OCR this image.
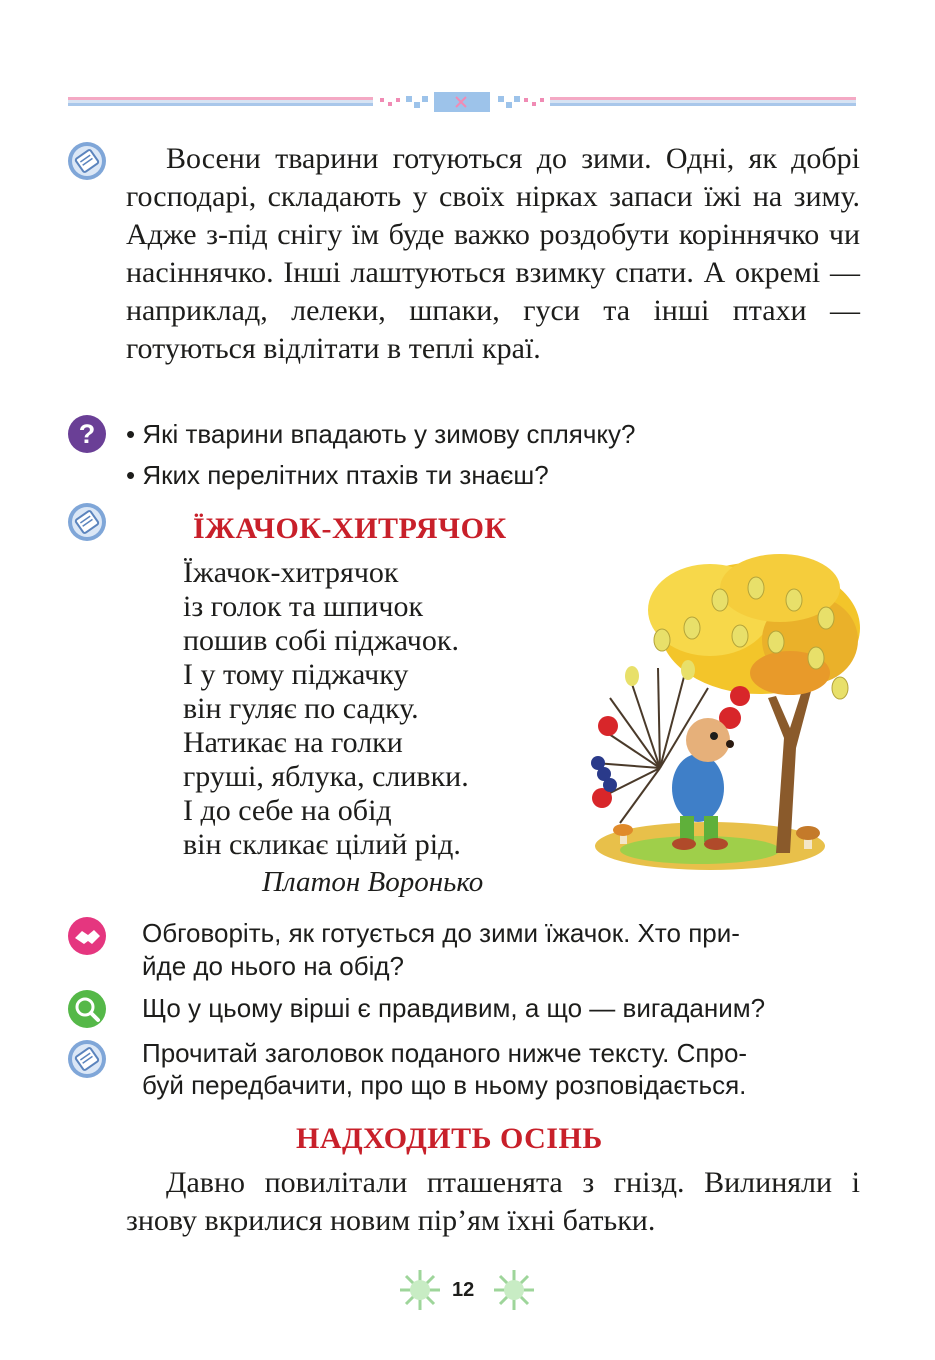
Восени тварини готуються до зими. Одні, як добрі господарі, складають у своїх нірках запаси їжі на зиму. Адже з-під снігу їм буде важко роздобути коріннячко чи насіннячко. Інші лаштуються взимку спати. А окремі — наприклад, лелеки, шпаки, гуси та інші птахи — готуються відлітати в теплі краї.

? • Які тварини впадають у зимову сплячку?
• Яких перелітних птахів ти знаєш?
ЇЖАЧОК-ХИТРЯЧОК
Їжачок-хитрячок
із голок та шпичок
пошив собі піджачок.
І у тому піджачку
він гуляє по садку.
Натикає на голки
груші, яблука, сливки.
І до себе на обід
він скликає цілий рід.
Платон Воронько
Обговоріть, як готується до зими їжачок. Хто при-
йде до нього на обід?
Що у цьому вірші є правдивим, а що — вигаданим?
Прочитай заголовок поданого нижче тексту. Спро-
буй передбачити, про що в ньому розповідається.
НАДХОДИТЬ ОСІНЬ

Давно повилітали пташенята з гнізд. Вилиняли і знову вкрилися новим пір’ям їхні батьки.

12
